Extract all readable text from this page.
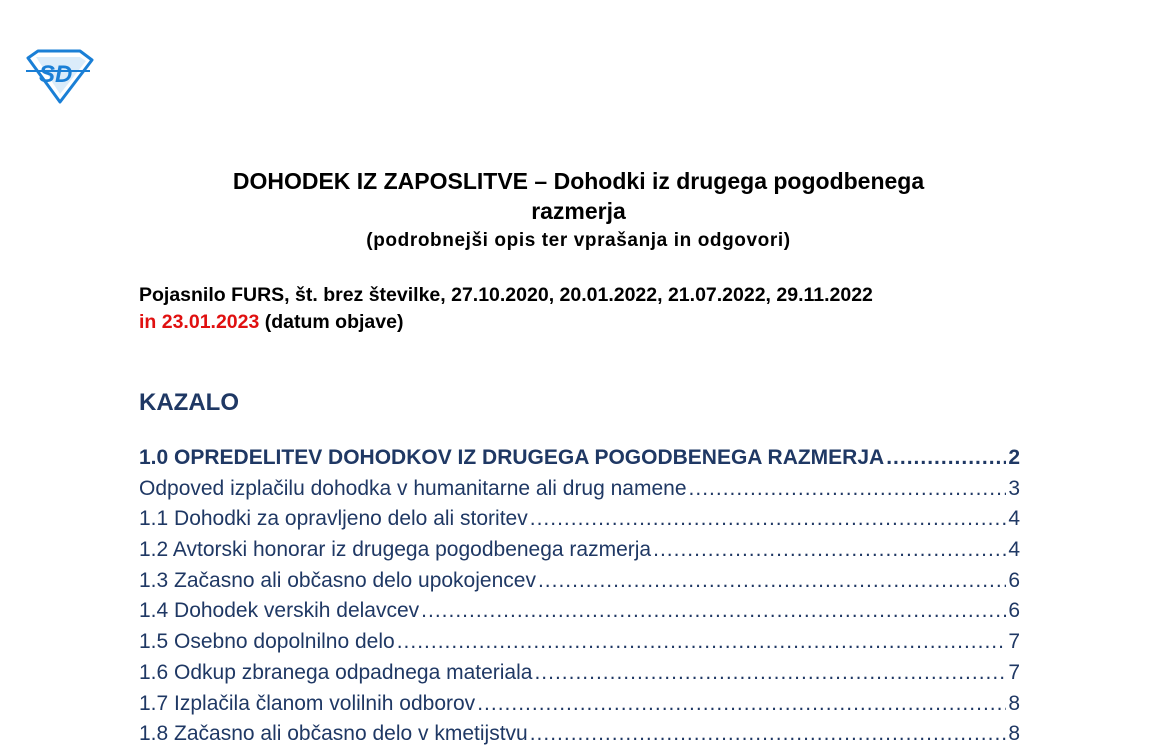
SD
DOHODEK IZ ZAPOSLITVE – Dohodki iz drugega pogodbenega
razmerja
(podrobnejši opis ter vprašanja in odgovori)
Pojasnilo FURS, št. brez številke, 27.10.2020, 20.01.2022, 21.07.2022, 29.11.2022
in 23.01.2023 (datum objave)
KAZALO
1.0 OPREDELITEV DOHODKOV IZ DRUGEGA POGODBENEGA RAZMERJA .....	2
Odpoved izplačilu dohodka v humanitarne ali drug namene .....	3
1.1 Dohodki za opravljeno delo ali storitev .....	4
1.2 Avtorski honorar iz drugega pogodbenega razmerja .....	4
1.3 Začasno ali občasno delo upokojencev .....	6
1.4 Dohodek verskih delavcev .....	6
1.5 Osebno dopolnilno delo .....	7
1.6 Odkup zbranega odpadnega materiala .....	7
1.7 Izplačila članom volilnih odborov .....	8
1.8 Začasno ali občasno delo v kmetijstvu .....	8
